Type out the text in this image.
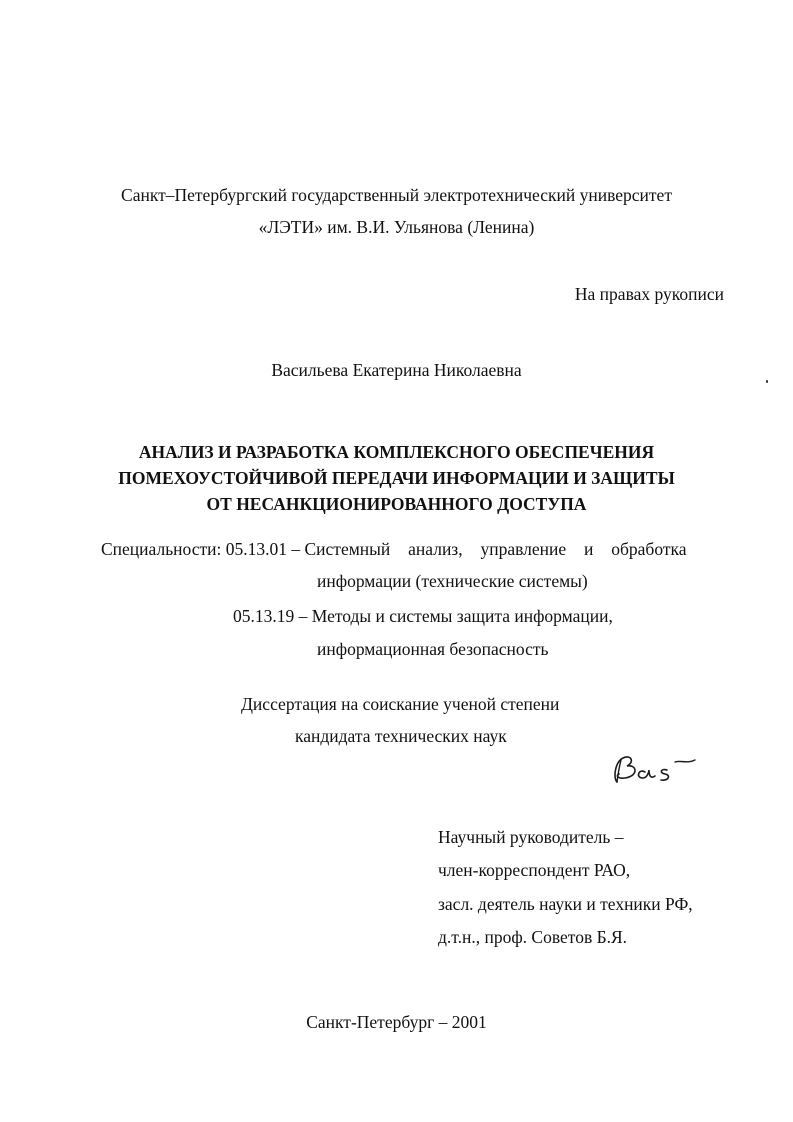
Санкт–Петербургский государственный электротехнический университет
«ЛЭТИ» им. В.И. Ульянова (Ленина)
На правах рукописи
Васильева Екатерина Николаевна
АНАЛИЗ И РАЗРАБОТКА КОМПЛЕКСНОГО ОБЕСПЕЧЕНИЯ
ПОМЕХОУСТОЙЧИВОЙ ПЕРЕДАЧИ ИНФОРМАЦИИ И ЗАЩИТЫ
ОТ НЕСАНКЦИОНИРОВАННОГО ДОСТУПА
Специальности: 05.13.01 – Системный анализ, управление и обработка
информации (технические системы)
05.13.19 – Методы и системы защита информации,
информационная безопасность
Диссертация на соискание ученой степени
кандидата технических наук
Научный руководитель –
член-корреспондент РАО,
засл. деятель науки и техники РФ,
д.т.н., проф. Советов Б.Я.
Санкт-Петербург – 2001
